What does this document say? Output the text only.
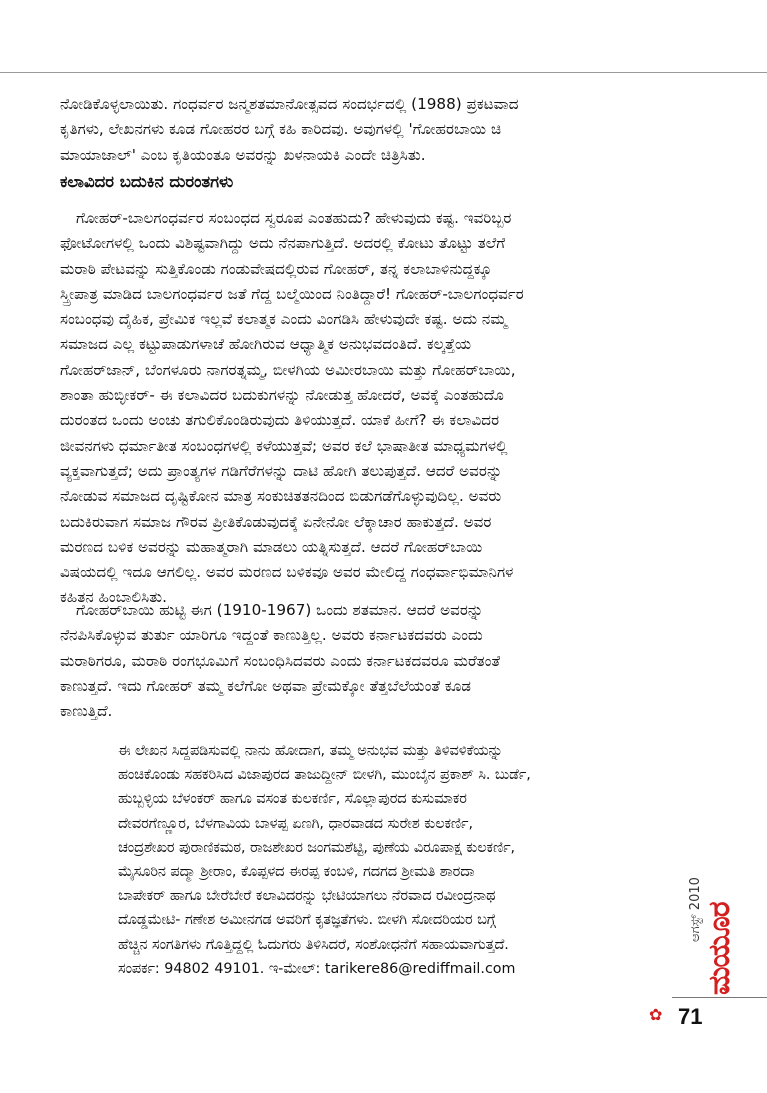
ನೋಡಿಕೊಳ್ಳಲಾಯಿತು. ಗಂಧರ್ವರ ಜನ್ಮಶತಮಾನೋತ್ಸವದ ಸಂದರ್ಭದಲ್ಲಿ (1988) ಪ್ರಕಟವಾದ
ಕೃತಿಗಳು, ಲೇಖನಗಳು ಕೂಡ ಗೋಹರರ ಬಗ್ಗೆ ಕಹಿ ಕಾರಿದವು. ಅವುಗಳಲ್ಲಿ 'ಗೋಹರಬಾಯಿ ಚಿ
ಮಾಯಾಜಾಲ್' ಎಂಬ ಕೃತಿಯಂತೂ ಅವರನ್ನು ಖಳನಾಯಕಿ ಎಂದೇ ಚಿತ್ರಿಸಿತು.
ಕಲಾವಿದರ ಬದುಕಿನ ದುರಂತಗಳು
ಗೋಹರ್-ಬಾಲಗಂಧರ್ವರ ಸಂಬಂಧದ ಸ್ವರೂಪ ಎಂತಹುದು? ಹೇಳುವುದು ಕಷ್ಟ. ಇವರಿಬ್ಬರ
ಫೋಟೋಗಳಲ್ಲಿ ಒಂದು ವಿಶಿಷ್ಟವಾಗಿದ್ದು ಅದು ನೆನಪಾಗುತ್ತಿದೆ. ಅದರಲ್ಲಿ ಕೋಟು ತೊಟ್ಟು ತಲೆಗೆ
ಮರಾಠಿ ಪೇಟವನ್ನು ಸುತ್ತಿಕೊಂಡು ಗಂಡುವೇಷದಲ್ಲಿರುವ ಗೋಹರ್, ತನ್ನ ಕಲಾಬಾಳಿನುದ್ದಕ್ಕೂ
ಸ್ತ್ರೀಪಾತ್ರ ಮಾಡಿದ ಬಾಲಗಂಧರ್ವರ ಜತೆ ಗೆದ್ದ ಬಲ್ಮೆಯಿಂದ ನಿಂತಿದ್ದಾರೆ! ಗೋಹರ್-ಬಾಲಗಂಧರ್ವರ
ಸಂಬಂಧವು ದೈಹಿಕ, ಪ್ರೇಮಿಕ ಇಲ್ಲವೆ ಕಲಾತ್ಮಕ ಎಂದು ವಿಂಗಡಿಸಿ ಹೇಳುವುದೇ ಕಷ್ಟ. ಅದು ನಮ್ಮ
ಸಮಾಜದ ಎಲ್ಲ ಕಟ್ಟುಪಾಡುಗಳಾಚೆ ಹೋಗಿರುವ ಆಧ್ಯಾತ್ಮಿಕ ಅನುಭವದಂತಿದೆ. ಕಲ್ಕತ್ತೆಯ
ಗೋಹರ್‌ಜಾನ್, ಬೆಂಗಳೂರು ನಾಗರತ್ನಮ್ಮ, ಬೀಳಗಿಯ ಅಮೀರಬಾಯಿ ಮತ್ತು ಗೋಹರ್‌ಬಾಯಿ,
ಶಾಂತಾ ಹುಬ್ಳೀಕರ್- ಈ ಕಲಾವಿದರ ಬದುಕುಗಳನ್ನು ನೋಡುತ್ತ ಹೋದರೆ, ಅವಕ್ಕೆ ಎಂತಹುದೊ
ದುರಂತದ ಒಂದು ಅಂಚು ತಗುಲಿಕೊಂಡಿರುವುದು ತಿಳಿಯುತ್ತದೆ. ಯಾಕೆ ಹೀಗೆ? ಈ ಕಲಾವಿದರ
ಜೀವನಗಳು ಧರ್ಮಾತೀತ ಸಂಬಂಧಗಳಲ್ಲಿ ಕಳೆಯುತ್ತವೆ; ಅವರ ಕಲೆ ಭಾಷಾತೀತ ಮಾಧ್ಯಮಗಳಲ್ಲಿ
ವ್ಯಕ್ತವಾಗುತ್ತದೆ; ಅದು ಪ್ರಾಂತ್ಯಗಳ ಗಡಿಗೆರೆಗಳನ್ನು ದಾಟಿ ಹೋಗಿ ತಲುಪುತ್ತದೆ. ಆದರೆ ಅವರನ್ನು
ನೋಡುವ ಸಮಾಜದ ದೃಷ್ಟಿಕೋನ ಮಾತ್ರ ಸಂಕುಚಿತತನದಿಂದ ಬಿಡುಗಡೆಗೊಳ್ಳುವುದಿಲ್ಲ. ಅವರು
ಬದುಕಿರುವಾಗ ಸಮಾಜ ಗೌರವ ಪ್ರೀತಿಕೊಡುವುದಕ್ಕೆ ಏನೇನೋ ಲೆಕ್ಕಾಚಾರ ಹಾಕುತ್ತದೆ. ಅವರ
ಮರಣದ ಬಳಿಕ ಅವರನ್ನು ಮಹಾತ್ಮರಾಗಿ ಮಾಡಲು ಯತ್ನಿಸುತ್ತದೆ. ಆದರೆ ಗೋಹರ್‌ಬಾಯಿ
ವಿಷಯದಲ್ಲಿ ಇದೂ ಆಗಲಿಲ್ಲ. ಅವರ ಮರಣದ ಬಳಿಕವೂ ಅವರ ಮೇಲಿದ್ದ ಗಂಧರ್ವಾಭಿಮಾನಿಗಳ
ಕಹಿತನ ಹಿಂಬಾಲಿಸಿತು.
ಗೋಹರ್‌ಬಾಯಿ ಹುಟ್ಟಿ ಈಗ (1910-1967) ಒಂದು ಶತಮಾನ. ಆದರೆ ಅವರನ್ನು
ನೆನಪಿಸಿಕೊಳ್ಳುವ ತುರ್ತು ಯಾರಿಗೂ ಇದ್ದಂತೆ ಕಾಣುತ್ತಿಲ್ಲ. ಅವರು ಕರ್ನಾಟಕದವರು ಎಂದು
ಮರಾಠಿಗರೂ, ಮರಾಠಿ ರಂಗಭೂಮಿಗೆ ಸಂಬಂಧಿಸಿದವರು ಎಂದು ಕರ್ನಾಟಕದವರೂ ಮರೆತಂತೆ
ಕಾಣುತ್ತದೆ. ಇದು ಗೋಹರ್ ತಮ್ಮ ಕಲೆಗೋ ಅಥವಾ ಪ್ರೇಮಕ್ಕೋ ತೆತ್ತಬೆಲೆಯಂತೆ ಕೂಡ
ಕಾಣುತ್ತಿದೆ.
ಈ ಲೇಖನ ಸಿದ್ದಪಡಿಸುವಲ್ಲಿ ನಾನು ಹೋದಾಗ, ತಮ್ಮ ಅನುಭವ ಮತ್ತು ತಿಳಿವಳಿಕೆಯನ್ನು
ಹಂಚಿಕೊಂಡು ಸಹಕರಿಸಿದ ವಿಜಾಪುರದ ತಾಜುದ್ದೀನ್ ಬೀಳಗಿ, ಮುಂಬೈನ ಪ್ರಕಾಶ್ ಸಿ. ಬುರ್ಡೆ,
ಹುಬ್ಬಳ್ಳಿಯ ಬೆಳಂಕರ್ ಹಾಗೂ ವಸಂತ ಕುಲಕರ್ಣಿ, ಸೊಲ್ಲಾಪುರದ ಕುಸುಮಾಕರ
ದೇವರಗೆಣ್ಣೂರ, ಬೆಳಗಾವಿಯ ಬಾಳಪ್ಪ ಏಣಗಿ, ಧಾರವಾಡದ ಸುರೇಶ ಕುಲಕರ್ಣಿ,
ಚಂದ್ರಶೇಖರ ಪುರಾಣಿಕಮಠ, ರಾಜಶೇಖರ ಜಂಗಮಶೆಟ್ಟಿ, ಪುಣೆಯ ವಿರೂಪಾಕ್ಷ ಕುಲಕರ್ಣಿ,
ಮೈಸೂರಿನ ಪದ್ಮಾ ಶ್ರೀರಾಂ, ಕೊಪ್ಪಳದ ಈರಪ್ಪ ಕಂಬಳಿ, ಗದಗದ ಶ್ರೀಮತಿ ಶಾರದಾ
ಬಾಪೇಕರ್ ಹಾಗೂ ಬೇರೆಬೇರೆ ಕಲಾವಿದರನ್ನು ಭೇಟಿಯಾಗಲು ನೆರವಾದ ರವೀಂದ್ರನಾಥ
ದೊಡ್ಡಮೇಟಿ- ಗಣೇಶ ಅಮೀನಗಡ ಅವರಿಗೆ ಕೃತಜ್ಞತೆಗಳು. ಬೀಳಗಿ ಸೋದರಿಯರ ಬಗ್ಗೆ
ಹೆಚ್ಚಿನ ಸಂಗತಿಗಳು ಗೊತ್ತಿದ್ದಲ್ಲಿ ಓದುಗರು ತಿಳಿಸಿದರೆ, ಸಂಶೋಧನೆಗೆ ಸಹಾಯವಾಗುತ್ತದೆ.
ಸಂಪರ್ಕ: 94802 49101. ಇ-ಮೇಲ್: tarikere86@rediffmail.com
ಆಗಸ್ಟ್ 2010 ಮಯೂರ
✿ 71
